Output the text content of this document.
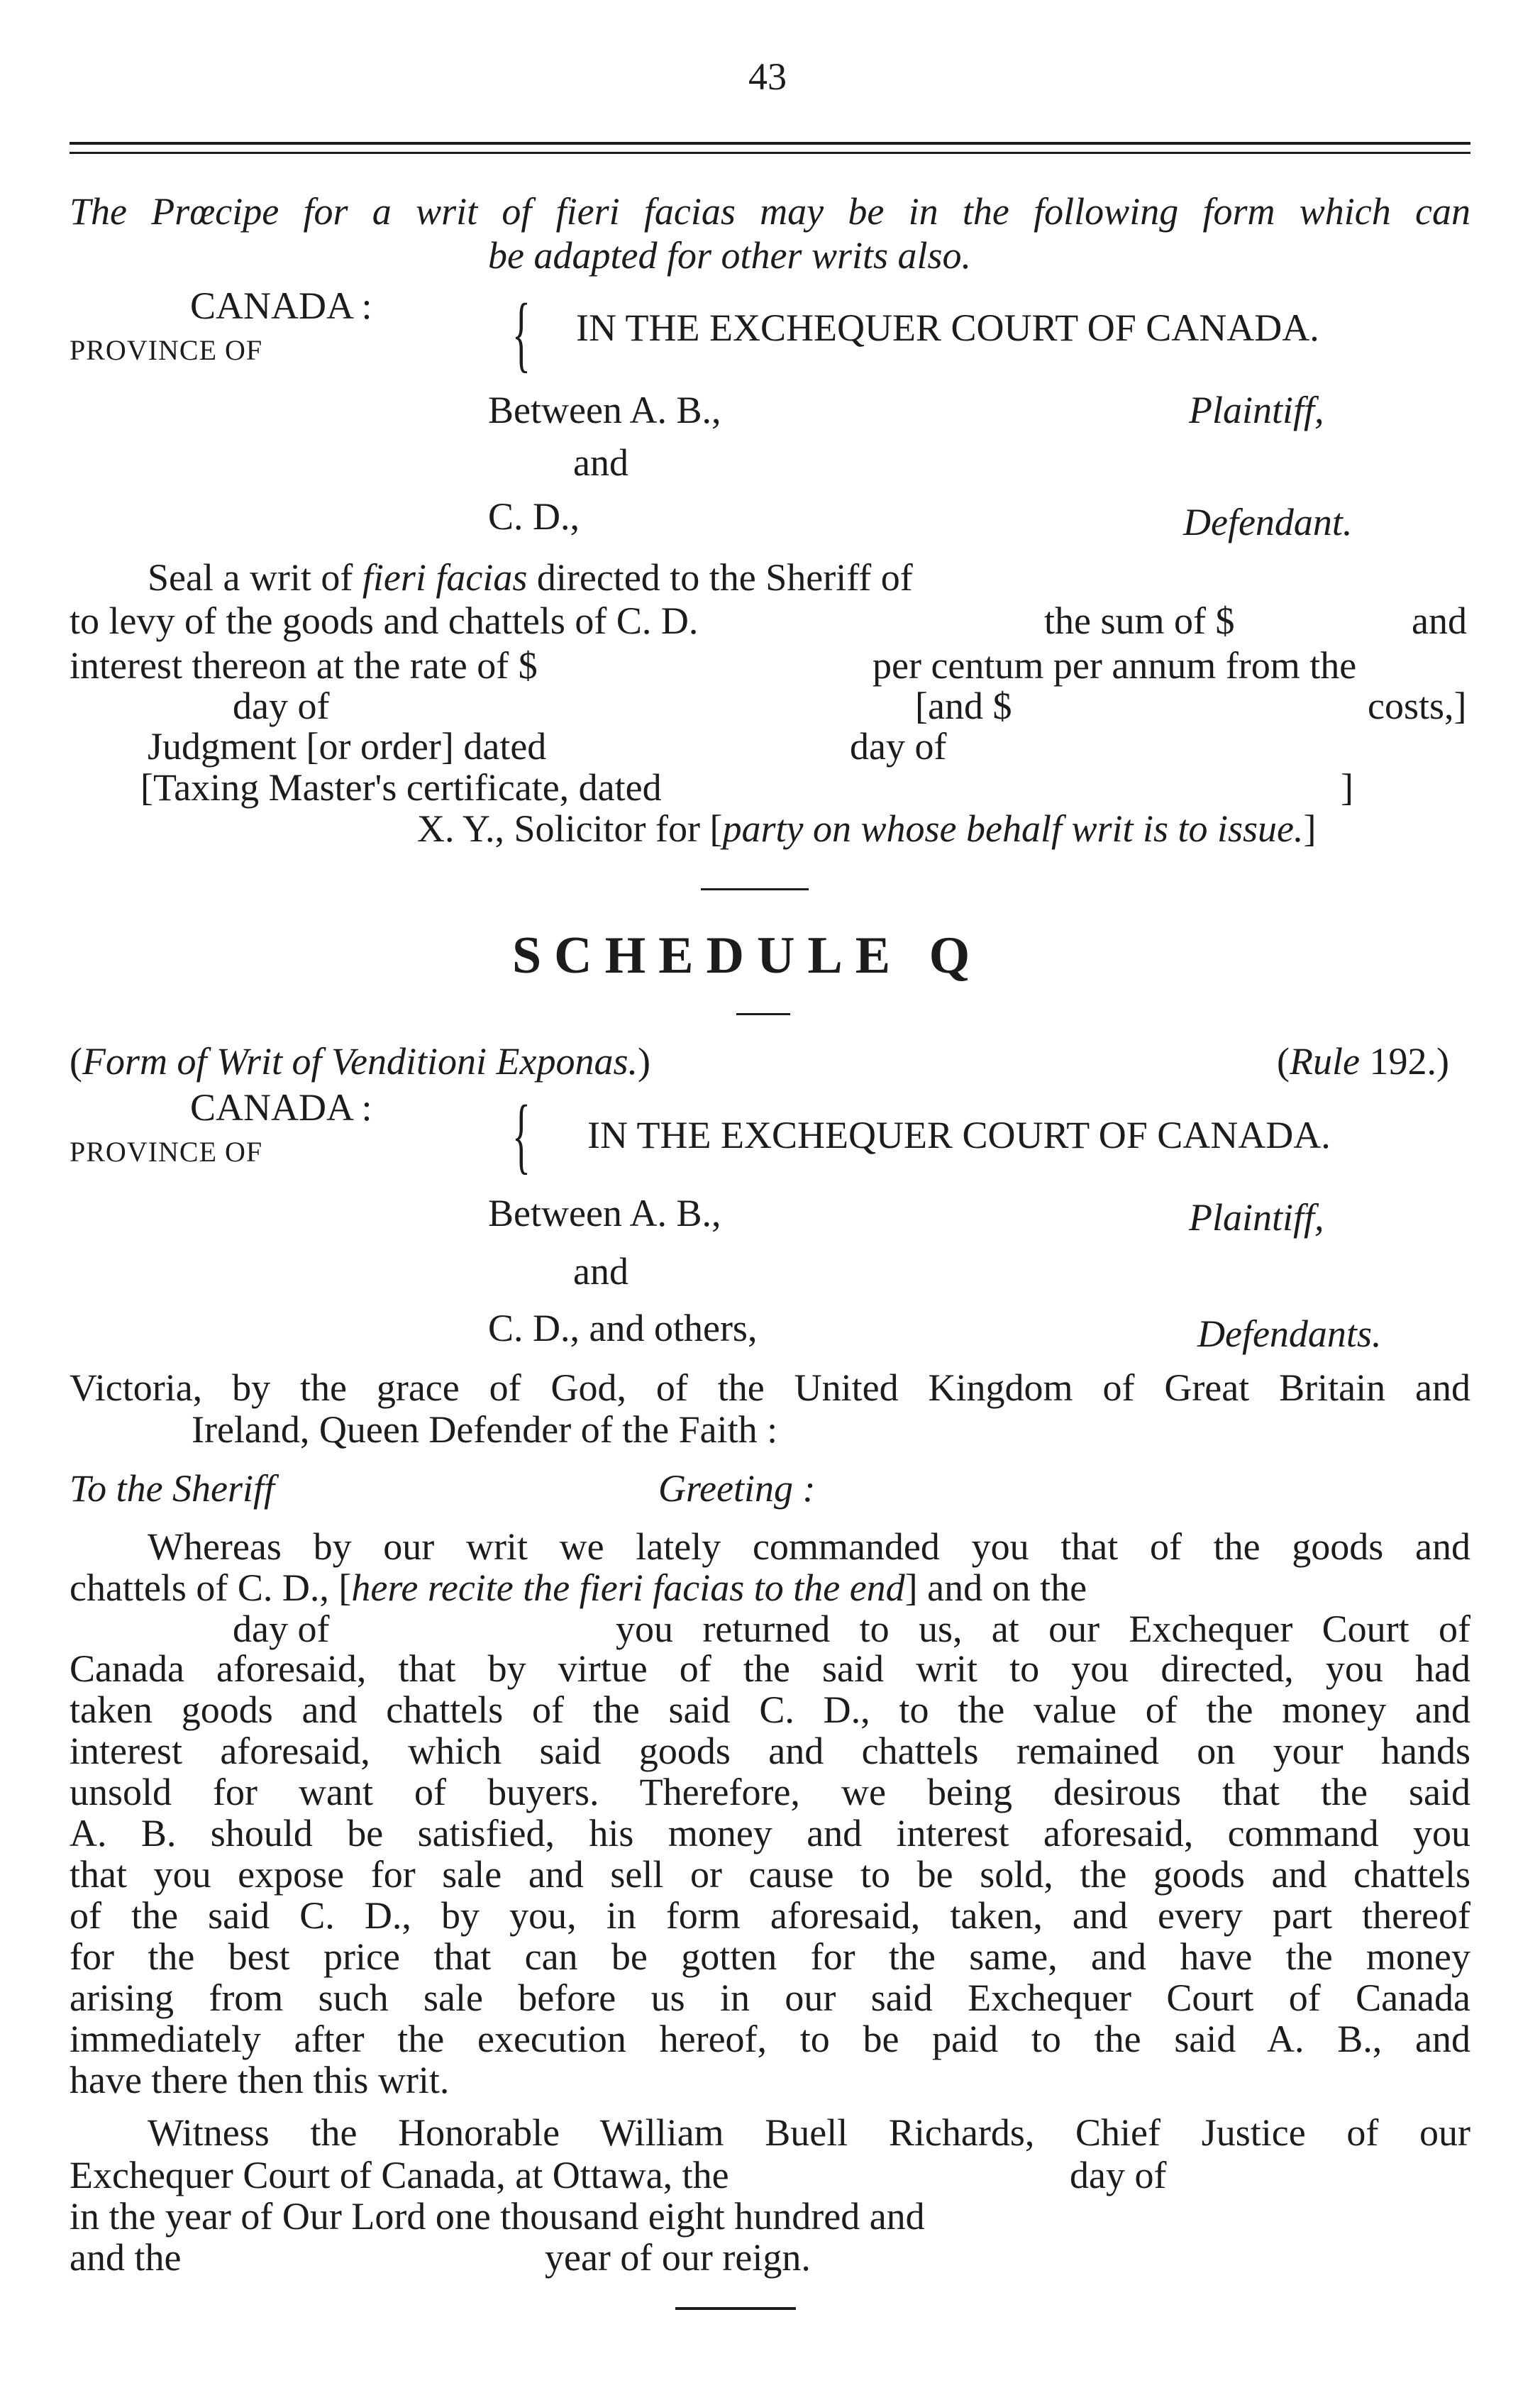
43
The Prœcipe for a writ of fieri facias may be in the following form which can
be adapted for other writs also.
CANADA :
PROVINCE OF	{ IN THE EXCHEQUER COURT OF CANADA.
Between A. B.,	Plaintiff,
and
C. D.,	Defendant.
Seal a writ of fieri facias directed to the Sheriff of
to levy of the goods and chattels of C. D.	the sum of $	and
interest thereon at the rate of $	per centum per annum from the
day of	[and $	costs,]
Judgment [or order] dated	day of
[Taxing Master's certificate, dated	]
X. Y., Solicitor for [party on whose behalf writ is to issue.]
SCHEDULE Q
(Form of Writ of Venditioni Exponas.)	(Rule 192.)
CANADA :
PROVINCE OF	{ IN THE EXCHEQUER COURT OF CANADA.
Between A. B.,	Plaintiff,
and
C. D., and others,	Defendants.
Victoria, by the grace of God, of the United Kingdom of Great Britain and
Ireland, Queen Defender of the Faith :
To the Sheriff	Greeting :
Whereas by our writ we lately commanded you that of the goods and
chattels of C. D., [here recite the fieri facias to the end] and on the
day of	you returned to us, at our Exchequer Court of
Canada aforesaid, that by virtue of the said writ to you directed, you had
taken goods and chattels of the said C. D., to the value of the money and
interest aforesaid, which said goods and chattels remained on your hands
unsold for want of buyers. Therefore, we being desirous that the said
A. B. should be satisfied, his money and interest aforesaid, command you
that you expose for sale and sell or cause to be sold, the goods and chattels
of the said C. D., by you, in form aforesaid, taken, and every part thereof
for the best price that can be gotten for the same, and have the money
arising from such sale before us in our said Exchequer Court of Canada
immediately after the execution hereof, to be paid to the said A. B., and
have there then this writ.
Witness the Honorable William Buell Richards, Chief Justice of our
Exchequer Court of Canada, at Ottawa, the	day of
in the year of Our Lord one thousand eight hundred and
and the	year of our reign.
